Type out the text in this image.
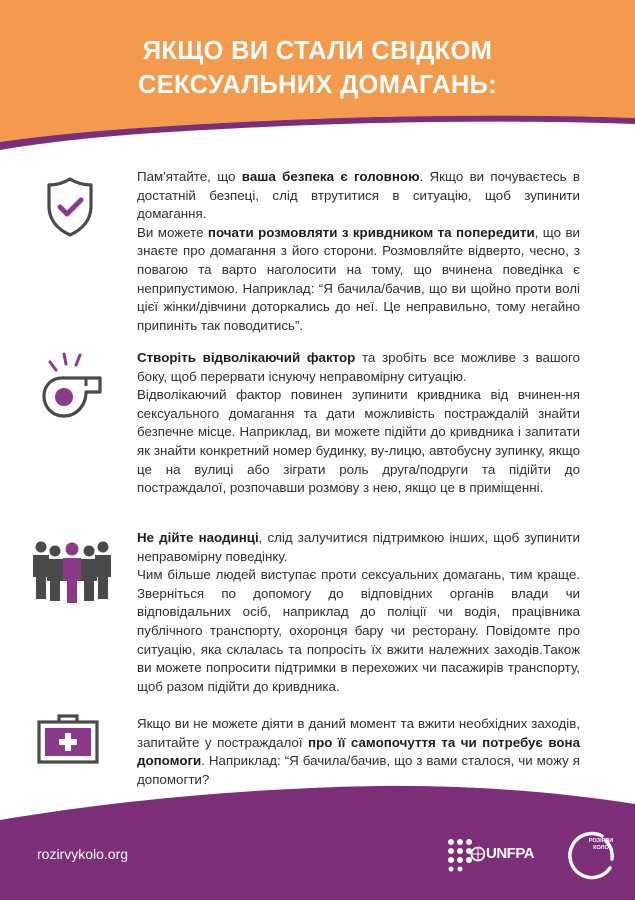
ЯКЩО ВИ СТАЛИ СВІДКОМ
СЕКСУАЛЬНИХ ДОМАГАНЬ:

Пам'ятайте, що ваша безпека є головною. Якщо ви почуваєтесь в достатній безпеці, слід втрутитися в ситуацію, щоб зупинити домагання.

Ви можете почати розмовляти з кривдником та попередити, що ви знаєте про домагання з його сторони. Розмовляйте відверто, чесно, з повагою та варто наголосити на тому, що вчинена поведінка є неприпустимою. Наприклад: “Я бачила/бачив, що ви щойно проти волі цієї жінки/дівчини доторкались до неї. Це неправильно, тому негайно припиніть так поводитись”.

Створіть відволікаючий фактор та зробіть все можливе з вашого боку, щоб перервати існуючу неправомірну ситуацію.

Відволікаючий фактор повинен зупинити кривдника від вчинен-ня сексуального домагання та дати можливість постраждалій знайти безпечне місце. Наприклад, ви можете підійти до кривдника і запитати як знайти конкретний номер будинку, ву-лицю, автобусну зупинку, якщо це на вулиці або зіграти роль друга/подруги та підійти до постраждалої, розпочавши розмову з нею, якщо це в приміщенні.

Не дійте наодинці, слід залучитися підтримкою інших, щоб зупинити неправомірну поведінку.

Чим більше людей виступає проти сексуальних домагань, тим краще. Зверніться по допомогу до відповідних органів влади чи відповідальних осіб, наприклад до поліції чи водія, працівника публічного транспорту, охоронця бару чи ресторану. Повідомте про ситуацію, яка склалась та попросіть їх вжити належних заходів.Також ви можете попросити підтримки в перехожих чи пасажирів транспорту, щоб разом підійти до кривдника.

Якщо ви не можете діяти в даний момент та вжити необхідних заходів, запитайте у постраждалої про її самопочуття та чи потребує вона допомоги. Наприклад: “Я бачила/бачив, що з вами сталося, чи можу я допомогти?

rozirvykolo.org	UNFPA
РОЗІРВИ
КОЛО
